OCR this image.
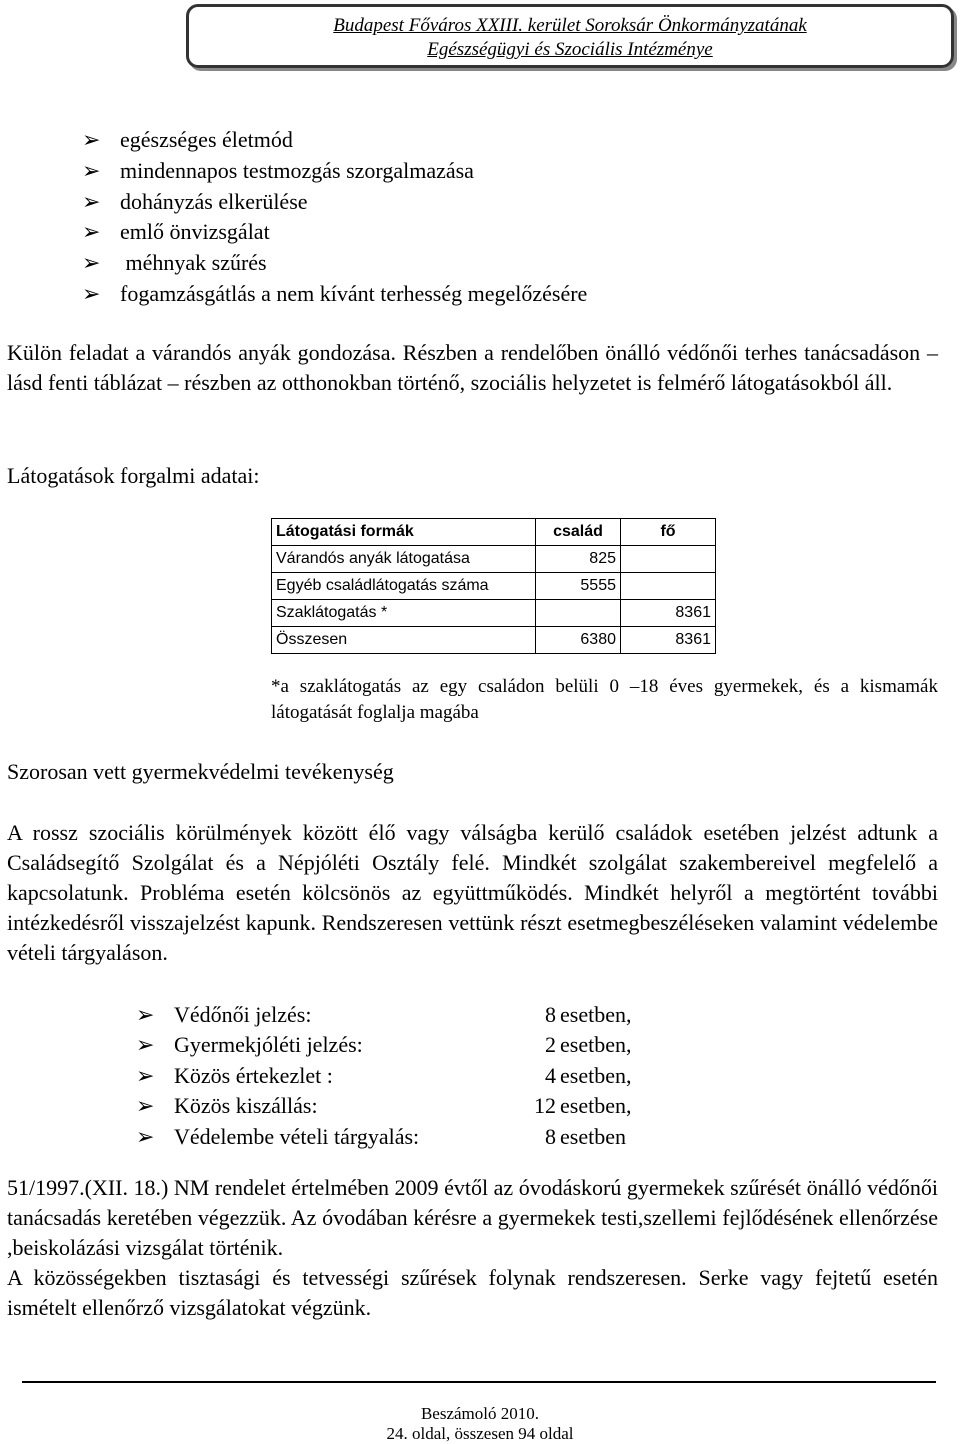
Budapest Főváros XXIII. kerület Soroksár Önkormányzatának
Egészségügyi és Szociális Intézménye
➢ egészséges életmód
➢ mindennapos testmozgás szorgalmazása
➢ dohányzás elkerülése
➢ emlő önvizsgálat
➢ méhnyak szűrés
➢ fogamzásgátlás a nem kívánt terhesség megelőzésére

Külön feladat a várandós anyák gondozása. Részben a rendelőben önálló védőnői terhes tanácsadáson – lásd fenti táblázat – részben az otthonokban történő, szociális helyzetet is felmérő látogatásokból áll.

Látogatások forgalmi adatai:

Látogatási formák	család	fő
Várandós anyák látogatása	825	
Egyéb családlátogatás száma	5555	
Szaklátogatás *		8361
Összesen	6380	8361

*a szaklátogatás az egy családon belüli 0 –18 éves gyermekek, és a kismamák látogatását foglalja magába

Szorosan vett gyermekvédelmi tevékenység

A rossz szociális körülmények között élő vagy válságba kerülő családok esetében jelzést adtunk a Családsegítő Szolgálat és a Népjóléti Osztály felé. Mindkét szolgálat szakembereivel megfelelő a kapcsolatunk. Probléma esetén kölcsönös az együttműködés. Mindkét helyről a megtörtént további intézkedésről visszajelzést kapunk. Rendszeresen vettünk részt esetmegbeszéléseken valamint védelembe vételi tárgyaláson.

➢ Védőnői jelzés:	8 esetben,
➢ Gyermekjóléti jelzés:	2 esetben,
➢ Közös értekezlet :	4 esetben,
➢ Közös kiszállás:	12 esetben,
➢ Védelembe vételi tárgyalás:	8 esetben

51/1997.(XII. 18.) NM rendelet értelmében 2009 évtől az óvodáskorú gyermekek szűrését önálló védőnői tanácsadás keretében végezzük. Az óvodában kérésre a gyermekek testi,szellemi fejlődésének ellenőrzése ,beiskolázási vizsgálat történik.

A közösségekben tisztasági és tetvességi szűrések folynak rendszeresen. Serke vagy fejtetű esetén ismételt ellenőrző vizsgálatokat végzünk.

Beszámoló 2010.
24. oldal, összesen 94 oldal
